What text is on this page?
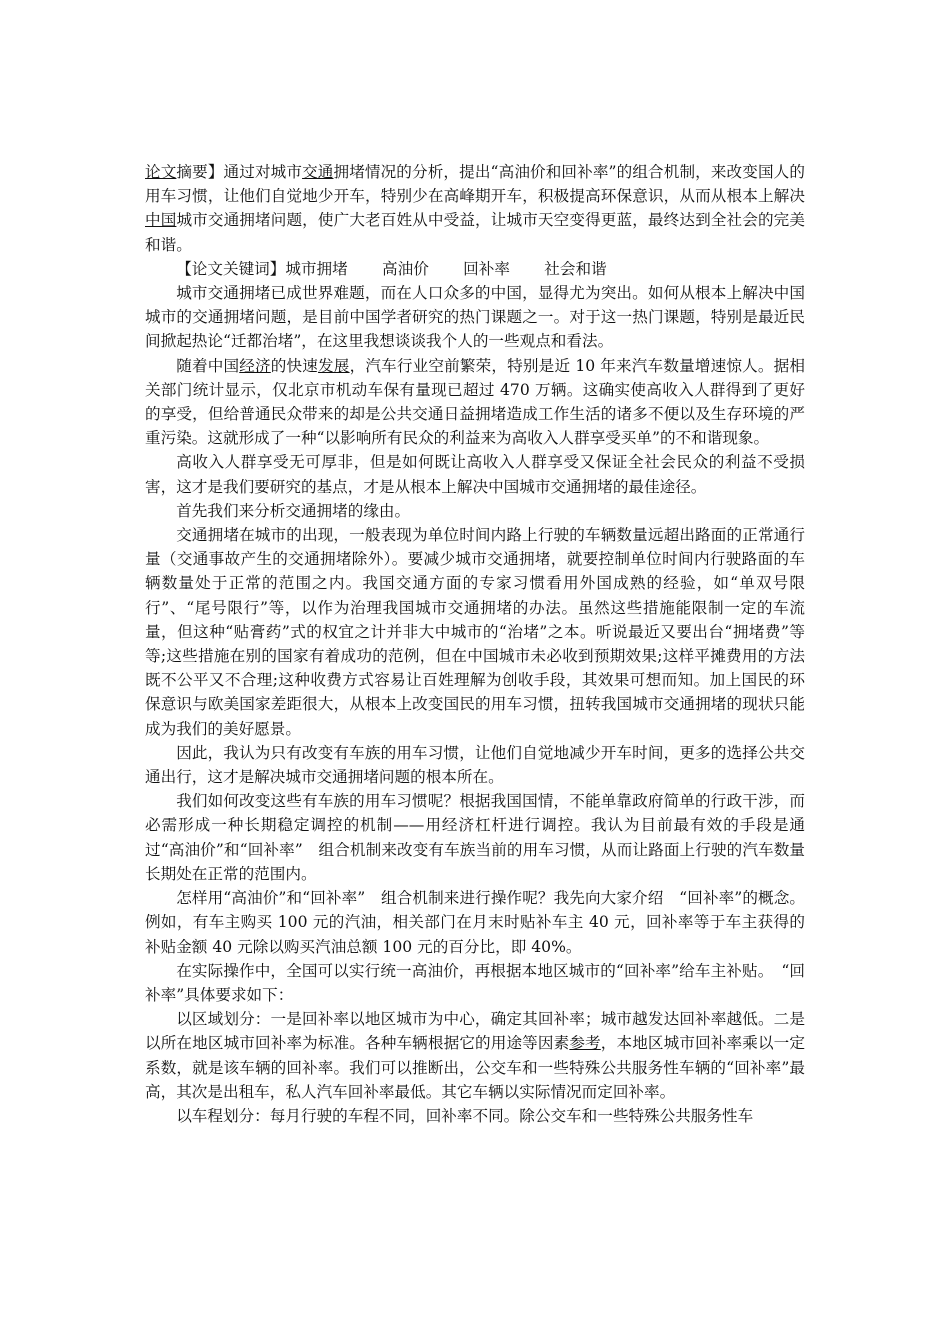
论文摘要】通过对城市交通拥堵情况的分析，提出“高油价和回补率”的组合机制，来改变国人的用车习惯，让他们自觉地少开车，特别少在高峰期开车，积极提高环保意识，从而从根本上解决中国城市交通拥堵问题，使广大老百姓从中受益，让城市天空变得更蓝，最终达到全社会的完美和谐。

【论文关键词】城市拥堵 高油价 回补率 社会和谐

城市交通拥堵已成世界难题，而在人口众多的中国，显得尤为突出。如何从根本上解决中国城市的交通拥堵问题，是目前中国学者研究的热门课题之一。对于这一热门课题，特别是最近民间掀起热论“迁都治堵”，在这里我想谈谈我个人的一些观点和看法。

随着中国经济的快速发展，汽车行业空前繁荣，特别是近 10 年来汽车数量增速惊人。据相关部门统计显示，仅北京市机动车保有量现已超过 470 万辆。这确实使高收入人群得到了更好的享受，但给普通民众带来的却是公共交通日益拥堵造成工作生活的诸多不便以及生存环境的严重污染。这就形成了一种“以影响所有民众的利益来为高收入人群享受买单”的不和谐现象。

高收入人群享受无可厚非，但是如何既让高收入人群享受又保证全社会民众的利益不受损害，这才是我们要研究的基点，才是从根本上解决中国城市交通拥堵的最佳途径。

首先我们来分析交通拥堵的缘由。

交通拥堵在城市的出现，一般表现为单位时间内路上行驶的车辆数量远超出路面的正常通行量（交通事故产生的交通拥堵除外）。要减少城市交通拥堵，就要控制单位时间内行驶路面的车辆数量处于正常的范围之内。我国交通方面的专家习惯看用外国成熟的经验，如“单双号限行”、“尾号限行”等，以作为治理我国城市交通拥堵的办法。虽然这些措施能限制一定的车流量，但这种“贴膏药”式的权宜之计并非大中城市的“治堵”之本。听说最近又要出台“拥堵费”等等;这些措施在别的国家有着成功的范例，但在中国城市未必收到预期效果;这样平摊费用的方法既不公平又不合理;这种收费方式容易让百姓理解为创收手段，其效果可想而知。加上国民的环保意识与欧美国家差距很大，从根本上改变国民的用车习惯，扭转我国城市交通拥堵的现状只能成为我们的美好愿景。

因此，我认为只有改变有车族的用车习惯，让他们自觉地减少开车时间，更多的选择公共交通出行，这才是解决城市交通拥堵问题的根本所在。

我们如何改变这些有车族的用车习惯呢？根据我国国情，不能单靠政府简单的行政干涉，而必需形成一种长期稳定调控的机制——用经济杠杆进行调控。我认为目前最有效的手段是通过“高油价”和“回补率”　组合机制来改变有车族当前的用车习惯，从而让路面上行驶的汽车数量长期处在正常的范围内。

怎样用“高油价”和“回补率”　组合机制来进行操作呢？我先向大家介绍　“回补率”的概念。例如，有车主购买 100 元的汽油，相关部门在月末时贴补车主 40 元，回补率等于车主获得的补贴金额 40 元除以购买汽油总额 100 元的百分比，即 40%。

在实际操作中，全国可以实行统一高油价，再根据本地区城市的“回补率”给车主补贴。　“回补率”具体要求如下：

以区域划分：一是回补率以地区城市为中心，确定其回补率；城市越发达回补率越低。二是以所在地区城市回补率为标准。各种车辆根据它的用途等因素参考，本地区城市回补率乘以一定系数，就是该车辆的回补率。我们可以推断出，公交车和一些特殊公共服务性车辆的“回补率”最高，其次是出租车，私人汽车回补率最低。其它车辆以实际情况而定回补率。

以车程划分：每月行驶的车程不同，回补率不同。除公交车和一些特殊公共服务性车
